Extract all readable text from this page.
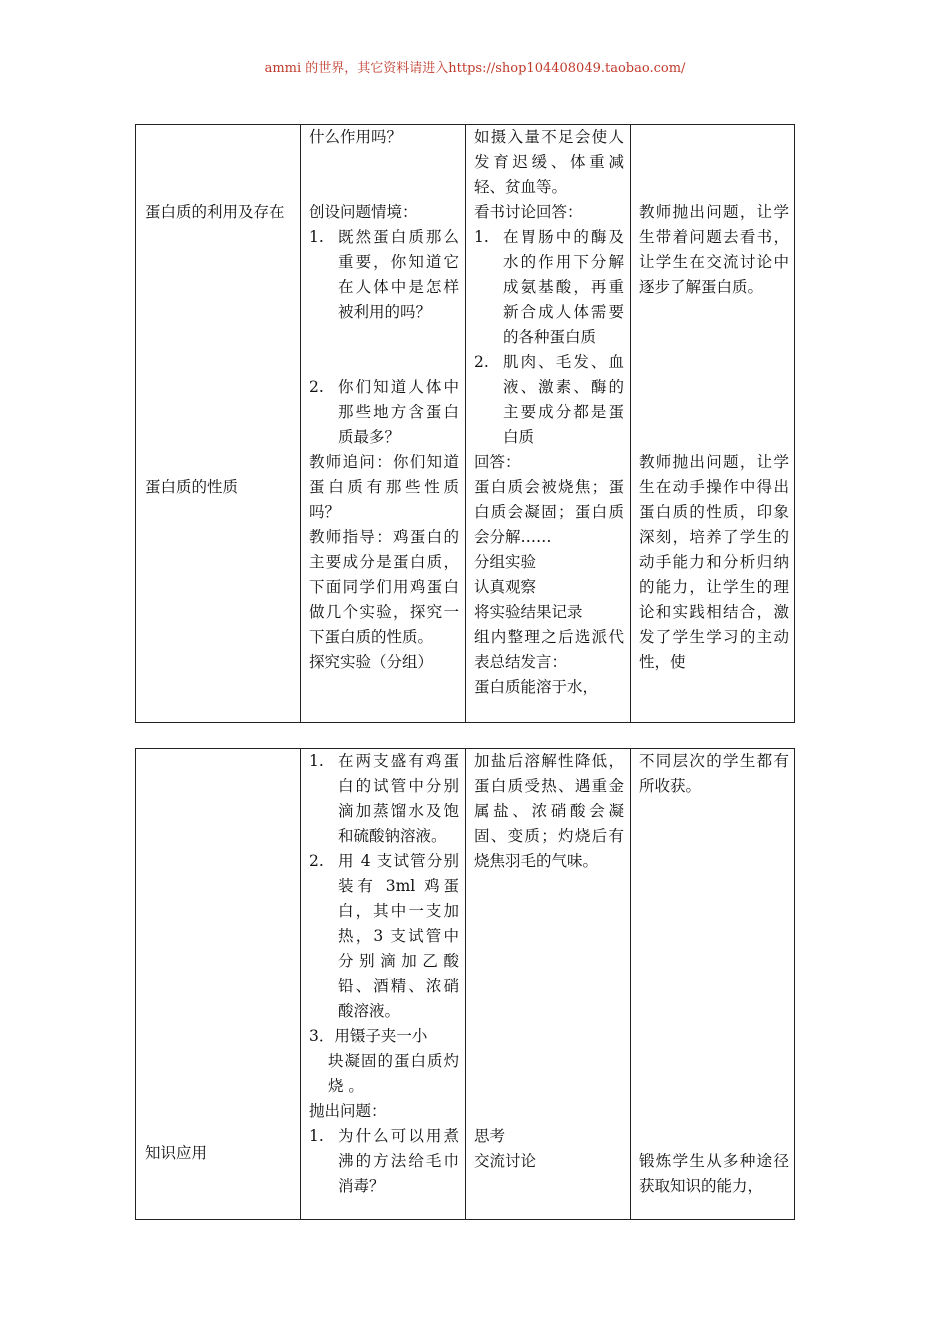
ammi 的世界，其它资料请进入https://shop104408049.taobao.com/
蛋白质的利用及存在
蛋白质的性质
什么作用吗？
创设问题情境：
1. 既然蛋白质那么重要，你知道它在人体中是怎样被利用的吗？
2. 你们知道人体中那些地方含蛋白质最多？
教师追问：你们知道蛋白质有那些性质吗？
教师指导：鸡蛋白的主要成分是蛋白质，下面同学们用鸡蛋白做几个实验，探究一下蛋白质的性质。
探究实验（分组）
如摄入量不足会使人发育迟缓、体重减轻、贫血等。
看书讨论回答：
1. 在胃肠中的酶及水的作用下分解成氨基酸，再重新合成人体需要的各种蛋白质
2. 肌肉、毛发、血液、激素、酶的主要成分都是蛋白质
回答：
蛋白质会被烧焦；蛋白质会凝固；蛋白质会分解……
分组实验
认真观察
将实验结果记录
组内整理之后选派代表总结发言：
蛋白质能溶于水，
教师抛出问题，让学生带着问题去看书，让学生在交流讨论中逐步了解蛋白质。
教师抛出问题，让学生在动手操作中得出蛋白质的性质，印象深刻，培养了学生的动手能力和分析归纳的能力，让学生的理论和实践相结合，激发了学生学习的主动性，使
知识应用
1. 在两支盛有鸡蛋白的试管中分别滴加蒸馏水及饱和硫酸钠溶液。
2. 用 4 支试管分别装有 3ml 鸡蛋白，其中一支加热，3 支试管中分别滴加乙酸铅、酒精、浓硝酸溶液。
3．用镊子夹一小
块凝固的蛋白质灼烧 。
抛出问题：
1. 为什么可以用煮沸的方法给毛巾消毒？
加盐后溶解性降低，蛋白质受热、遇重金属盐、浓硝酸会凝固、变质；灼烧后有烧焦羽毛的气味。
思考
交流讨论
不同层次的学生都有所收获。
锻炼学生从多种途径获取知识的能力，
